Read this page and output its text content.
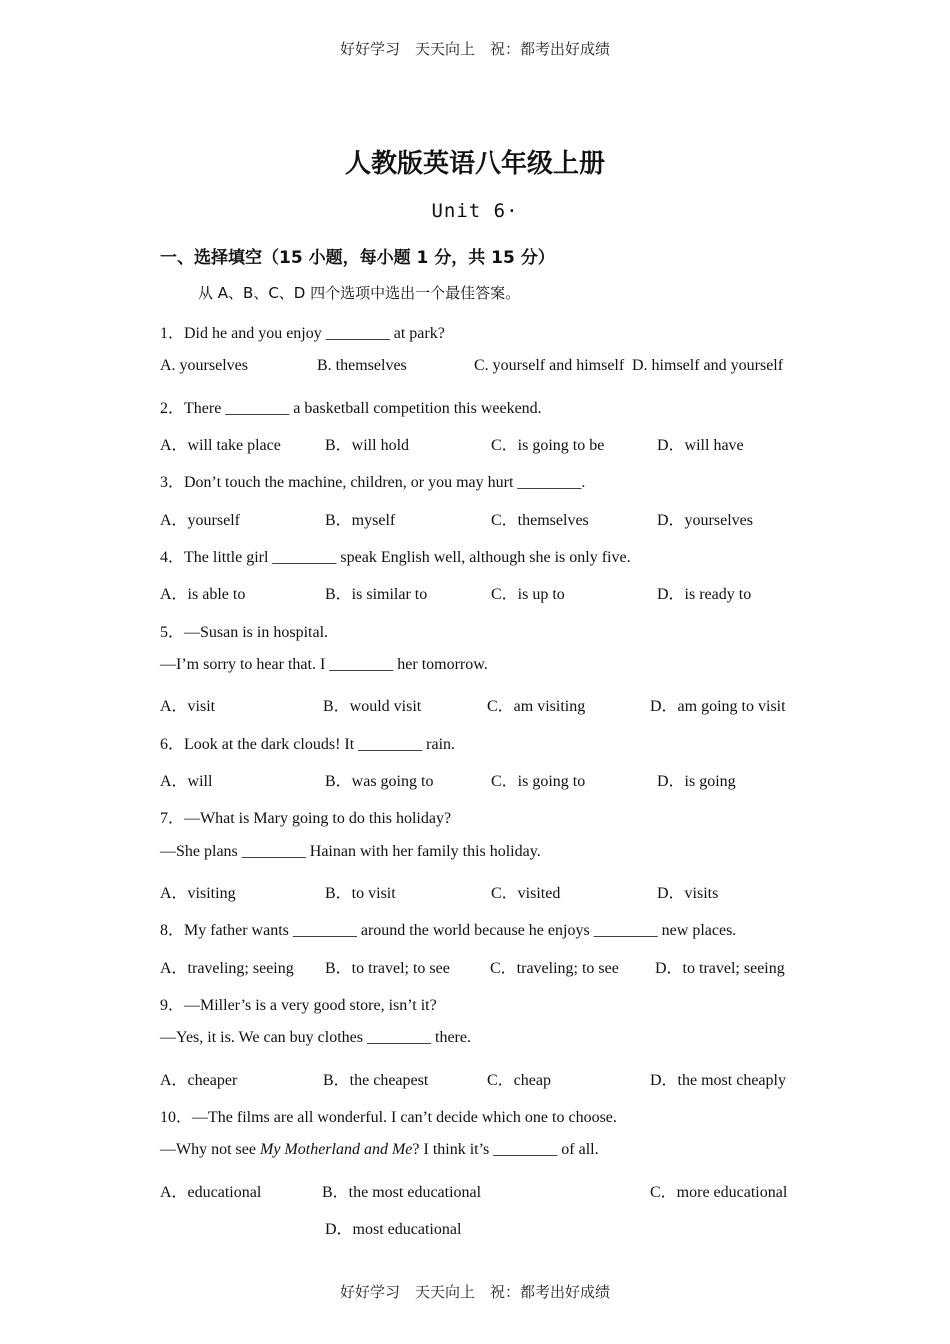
好好学习　天天向上　祝：都考出好成绩
人教版英语八年级上册
Unit 6·
一、选择填空（15 小题，每小题 1 分，共 15 分）
从 A、B、C、D 四个选项中选出一个最佳答案。
1．Did he and you enjoy ________ at park?
A. yourselves	B. themselves	C. yourself and himself D. himself and yourself
2．There ________ a basketball competition this weekend.
A．will take place	B．will hold	C．is going to be	D．will have
3．Don’t touch the machine, children, or you may hurt ________.
A．yourself	B．myself	C．themselves	D．yourselves
4．The little girl ________ speak English well, although she is only five.
A．is able to	B．is similar to	C．is up to	D．is ready to
5．—Susan is in hospital.
—I’m sorry to hear that. I ________ her tomorrow.
A．visit	B．would visit	C．am visiting	D．am going to visit
6．Look at the dark clouds! It ________ rain.
A．will	B．was going to	C．is going to	D．is going
7．—What is Mary going to do this holiday?
—She plans ________ Hainan with her family this holiday.
A．visiting	B．to visit	C．visited	D．visits
8．My father wants ________ around the world because he enjoys ________ new places.
A．traveling; seeing B．to travel; to see	C．traveling; to see D．to travel; seeing
9．—Miller’s is a very good store, isn’t it?
—Yes, it is. We can buy clothes ________ there.
A．cheaper	B．the cheapest	C．cheap	D．the most cheaply
10．—The films are all wonderful. I can’t decide which one to choose.
—Why not see My Motherland and Me? I think it’s ________ of all.
A．educational	B．the most educational	C．more educational
D．most educational
好好学习　天天向上　祝：都考出好成绩
